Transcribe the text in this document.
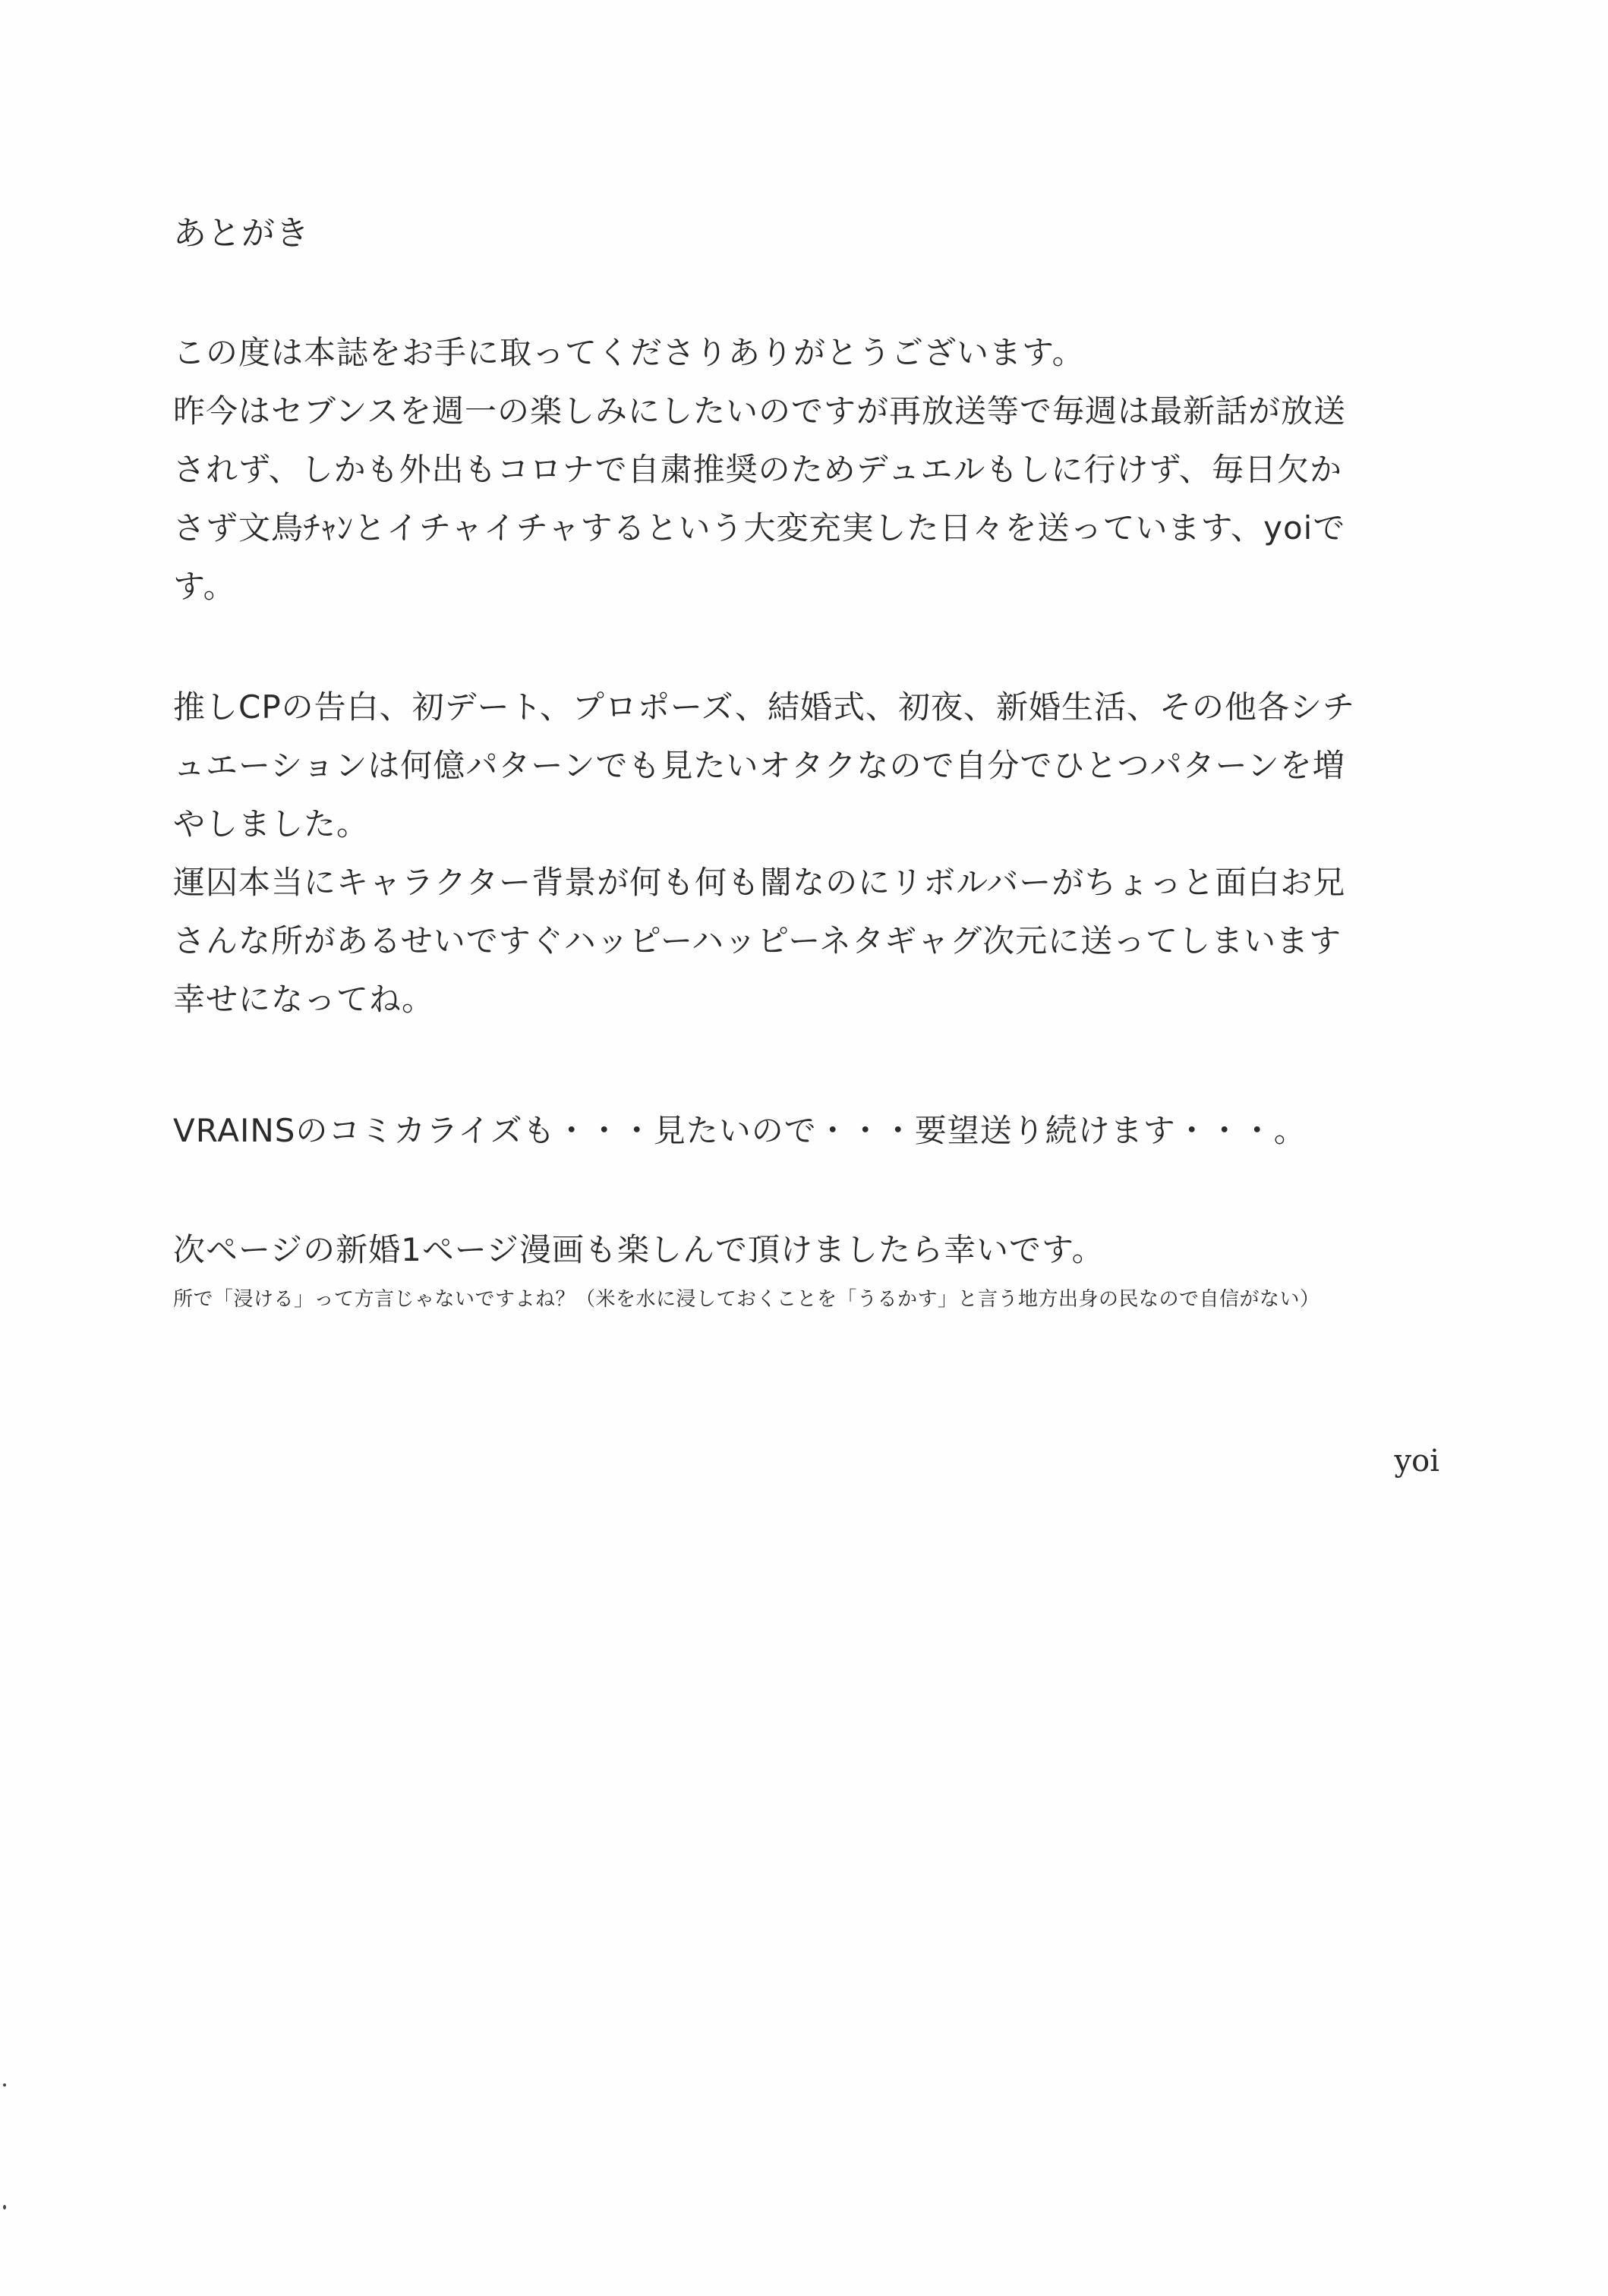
あとがき
この度は本誌をお手に取ってくださりありがとうございます。
昨今はセブンスを週一の楽しみにしたいのですが再放送等で毎週は最新話が放送
されず、しかも外出もコロナで自粛推奨のためデュエルもしに行けず、毎日欠か
さず文鳥ﾁｬﾝとイチャイチャするという大変充実した日々を送っています、yoiで
す。
推しCPの告白、初デート、プロポーズ、結婚式、初夜、新婚生活、その他各シチ
ュエーションは何億パターンでも見たいオタクなので自分でひとつパターンを増
やしました。
運囚本当にキャラクター背景が何も何も闇なのにリボルバーがちょっと面白お兄
さんな所があるせいですぐハッピーハッピーネタギャグ次元に送ってしまいます
幸せになってね。
VRAINSのコミカライズも・・・見たいので・・・要望送り続けます・・・。
次ページの新婚1ページ漫画も楽しんで頂けましたら幸いです。
所で「浸ける」って方言じゃないですよね？（米を水に浸しておくことを「うるかす」と言う地方出身の民なので自信がない）
yoi
